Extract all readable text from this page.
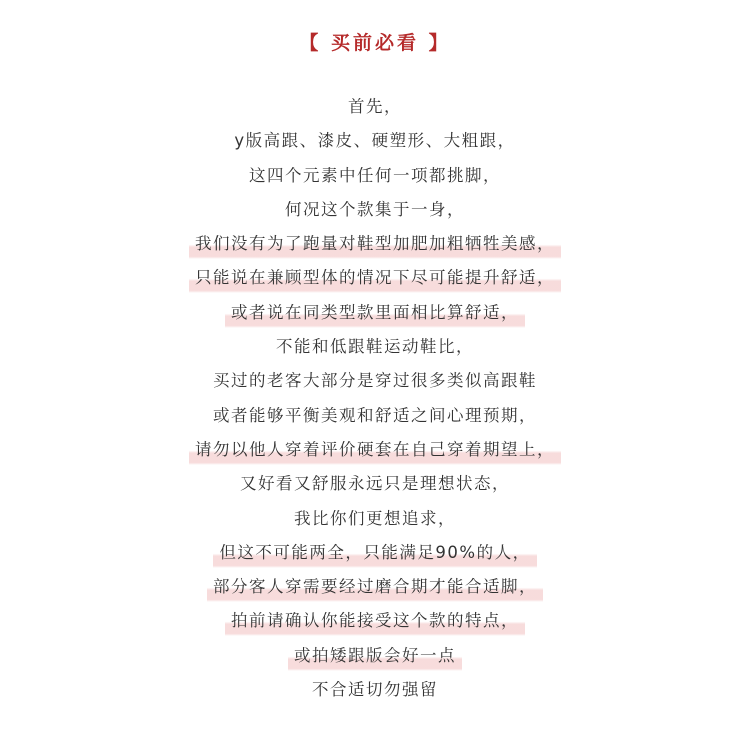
【 买前必看 】
首先，
y版高跟、漆皮、硬塑形、大粗跟，
这四个元素中任何一项都挑脚，
何况这个款集于一身，
我们没有为了跑量对鞋型加肥加粗牺牲美感，
只能说在兼顾型体的情况下尽可能提升舒适，
或者说在同类型款里面相比算舒适，
不能和低跟鞋运动鞋比，
买过的老客大部分是穿过很多类似高跟鞋
或者能够平衡美观和舒适之间心理预期，
请勿以他人穿着评价硬套在自己穿着期望上，
又好看又舒服永远只是理想状态，
我比你们更想追求，
但这不可能两全，只能满足90%的人，
部分客人穿需要经过磨合期才能合适脚，
拍前请确认你能接受这个款的特点，
或拍矮跟版会好一点
不合适切勿强留
